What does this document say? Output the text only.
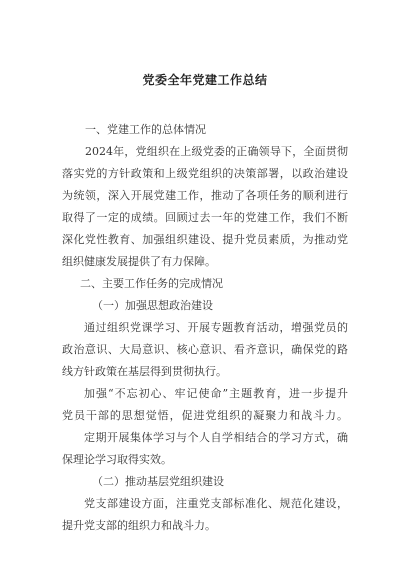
党委全年党建工作总结

一、党建工作的总体情况

落实党的方针政策和上级党组织的决策部署，以政治建设

为统领，深入开展党建工作，推动了各项任务的顺利进行

取得了一定的成绩。回顾过去一年的党建工作，我们不断

深化党性教育、加强组织建设、提升党员素质，为推动党

组织健康发展提供了有力保障。

二、主要工作任务的完成情况

（一）加强思想政治建设

通过组织党课学习、开展专题教育活动，增强党员的

政治意识、大局意识、核心意识、看齐意识，确保党的路

线方针政策在基层得到贯彻执行。

加强“不忘初心、牢记使命”主题教育，进一步提升

党员干部的思想觉悟，促进党组织的凝聚力和战斗力。

定期开展集体学习与个人自学相结合的学习方式，确

保理论学习取得实效。

（二）推动基层党组织建设

党支部建设方面，注重党支部标准化、规范化建设，

提升党支部的组织力和战斗力。

2024年，党组织在上级党委的正确领导下，全面贯彻
